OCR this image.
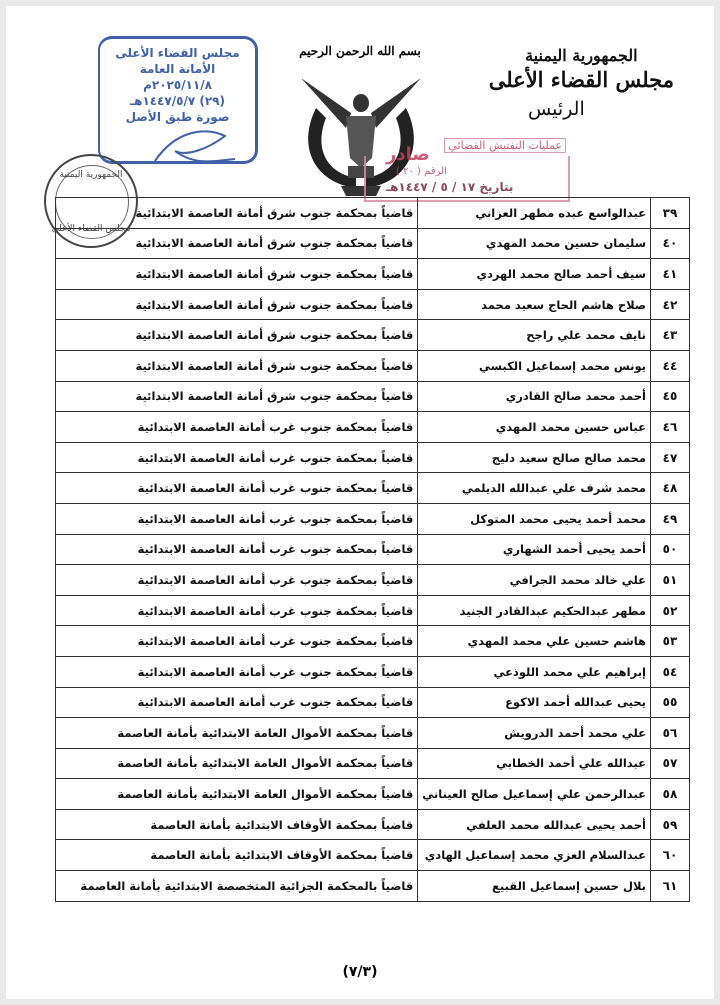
الجمهورية اليمنية
مجلس القضاء الأعلى
الرئيس
بسم الله الرحمن الرحيم
مجلس القضاء الأعلى
الأمانة العامة
٢٠٢٥/١١/٨م
(٢٩) ١٤٤٧/٥/٧هـ
صورة طبق الأصل
عمليات التفتيش القضائي
صادر
الرقم ( ٢٠ )
بتاريخ ١٧ / ٥ / ١٤٤٧هـ
الجمهورية اليمنية
مجلس القضاء الأعلى
٣٩	عبدالواسع عبده مطهر العزاني	قاضياً بمحكمة جنوب شرق أمانة العاصمة الابتدائية
٤٠	سليمان حسين محمد المهدي	قاضياً بمحكمة جنوب شرق أمانة العاصمة الابتدائية
٤١	سيف أحمد صالح محمد الهردي	قاضياً بمحكمة جنوب شرق أمانة العاصمة الابتدائية
٤٢	صلاح هاشم الحاج سعيد محمد	قاضياً بمحكمة جنوب شرق أمانة العاصمة الابتدائية
٤٣	نايف محمد علي راجح	قاضياً بمحكمة جنوب شرق أمانة العاصمة الابتدائية
٤٤	يونس محمد إسماعيل الكبسي	قاضياً بمحكمة جنوب شرق أمانة العاصمة الابتدائية
٤٥	أحمد محمد صالح القادري	قاضياً بمحكمة جنوب شرق أمانة العاصمة الابتدائية
٤٦	عباس حسين محمد المهدي	قاضياً بمحكمة جنوب غرب أمانة العاصمة الابتدائية
٤٧	محمد صالح صالح سعيد دليج	قاضياً بمحكمة جنوب غرب أمانة العاصمة الابتدائية
٤٨	محمد شرف علي عبدالله الديلمي	قاضياً بمحكمة جنوب غرب أمانة العاصمة الابتدائية
٤٩	محمد أحمد يحيى محمد المتوكل	قاضياً بمحكمة جنوب غرب أمانة العاصمة الابتدائية
٥٠	أحمد يحيى أحمد الشهاري	قاضياً بمحكمة جنوب غرب أمانة العاصمة الابتدائية
٥١	علي خالد محمد الجرافي	قاضياً بمحكمة جنوب غرب أمانة العاصمة الابتدائية
٥٢	مطهر عبدالحكيم عبدالقادر الجنيد	قاضياً بمحكمة جنوب غرب أمانة العاصمة الابتدائية
٥٣	هاشم حسين علي محمد المهدي	قاضياً بمحكمة جنوب غرب أمانة العاصمة الابتدائية
٥٤	إبراهيم علي محمد اللوذعي	قاضياً بمحكمة جنوب غرب أمانة العاصمة الابتدائية
٥٥	يحيى عبدالله أحمد الاكوع	قاضياً بمحكمة جنوب غرب أمانة العاصمة الابتدائية
٥٦	علي محمد أحمد الدرويش	قاضياً بمحكمة الأموال العامة الابتدائية بأمانة العاصمة
٥٧	عبدالله علي أحمد الخطابي	قاضياً بمحكمة الأموال العامة الابتدائية بأمانة العاصمة
٥٨	عبدالرحمن علي إسماعيل صالح العيناني	قاضياً بمحكمة الأموال العامة الابتدائية بأمانة العاصمة
٥٩	أحمد يحيى عبدالله محمد العلفي	قاضياً بمحكمة الأوقاف الابتدائية بأمانة العاصمة
٦٠	عبدالسلام العزي محمد إسماعيل الهادي	قاضياً بمحكمة الأوقاف الابتدائية بأمانة العاصمة
٦١	بلال حسين إسماعيل القبيع	قاضياً بالمحكمة الجزائية المتخصصة الابتدائية بأمانة العاصمة
(٧/٣)
